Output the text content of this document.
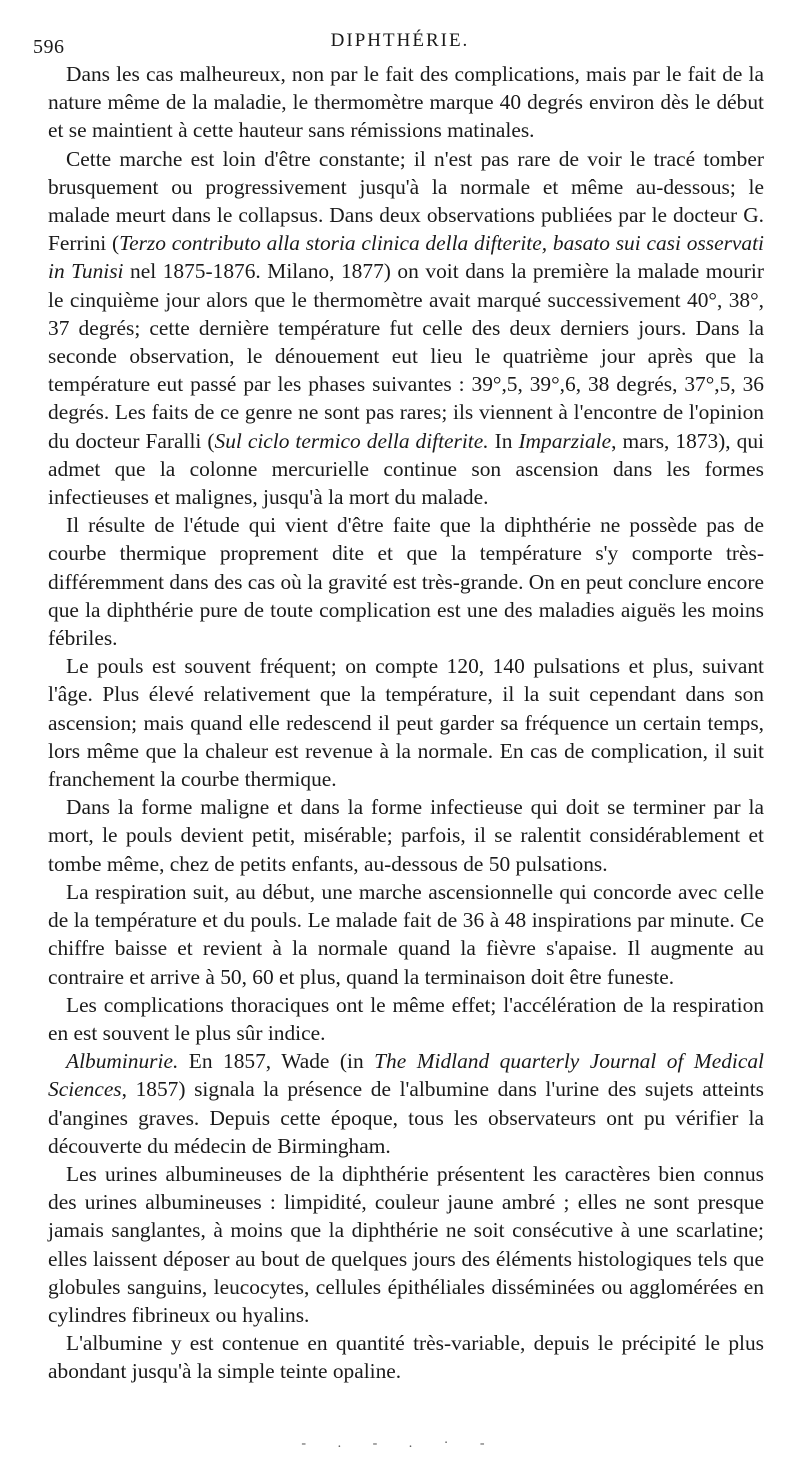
596	DIPHTHÉRIE.

Dans les cas malheureux, non par le fait des complications, mais par le fait de la nature même de la maladie, le thermomètre marque 40 degrés environ dès le début et se maintient à cette hauteur sans rémissions matinales.

Cette marche est loin d'être constante; il n'est pas rare de voir le tracé tomber brusquement ou progressivement jusqu'à la normale et même au-dessous; le malade meurt dans le collapsus. Dans deux observations publiées par le docteur G. Ferrini (Terzo contributo alla storia clinica della difterite, basato sui casi osservati in Tunisi nel 1875-1876. Milano, 1877) on voit dans la première la malade mourir le cinquième jour alors que le thermomètre avait marqué successivement 40°, 38°, 37 degrés; cette dernière température fut celle des deux derniers jours. Dans la seconde observation, le dénouement eut lieu le quatrième jour après que la température eut passé par les phases suivantes : 39°,5, 39°,6, 38 degrés, 37°,5, 36 degrés. Les faits de ce genre ne sont pas rares; ils viennent à l'encontre de l'opinion du docteur Faralli (Sul ciclo termico della difterite. In Imparziale, mars, 1873), qui admet que la colonne mercurielle continue son ascension dans les formes infectieuses et malignes, jusqu'à la mort du malade.

Il résulte de l'étude qui vient d'être faite que la diphthérie ne possède pas de courbe thermique proprement dite et que la température s'y comporte très-différemment dans des cas où la gravité est très-grande. On en peut conclure encore que la diphthérie pure de toute complication est une des maladies aiguës les moins fébriles.

Le pouls est souvent fréquent; on compte 120, 140 pulsations et plus, suivant l'âge. Plus élevé relativement que la température, il la suit cependant dans son ascension; mais quand elle redescend il peut garder sa fréquence un certain temps, lors même que la chaleur est revenue à la normale. En cas de complication, il suit franchement la courbe thermique.

Dans la forme maligne et dans la forme infectieuse qui doit se terminer par la mort, le pouls devient petit, misérable; parfois, il se ralentit considérablement et tombe même, chez de petits enfants, au-dessous de 50 pulsations.

La respiration suit, au début, une marche ascensionnelle qui concorde avec celle de la température et du pouls. Le malade fait de 36 à 48 inspirations par minute. Ce chiffre baisse et revient à la normale quand la fièvre s'apaise. Il augmente au contraire et arrive à 50, 60 et plus, quand la terminaison doit être funeste.

Les complications thoraciques ont le même effet; l'accélération de la respiration en est souvent le plus sûr indice.

Albuminurie. En 1857, Wade (in The Midland quarterly Journal of Medical Sciences, 1857) signala la présence de l'albumine dans l'urine des sujets atteints d'angines graves. Depuis cette époque, tous les observateurs ont pu vérifier la découverte du médecin de Birmingham.

Les urines albumineuses de la diphthérie présentent les caractères bien connus des urines albumineuses : limpidité, couleur jaune ambré ; elles ne sont presque jamais sanglantes, à moins que la diphthérie ne soit consécutive à une scarlatine; elles laissent déposer au bout de quelques jours des éléments histologiques tels que globules sanguins, leucocytes, cellules épithéliales disséminées ou agglomérées en cylindres fibrineux ou hyalins.

L'albumine y est contenue en quantité très-variable, depuis le précipité le plus abondant jusqu'à la simple teinte opaline.

- . - . · -
